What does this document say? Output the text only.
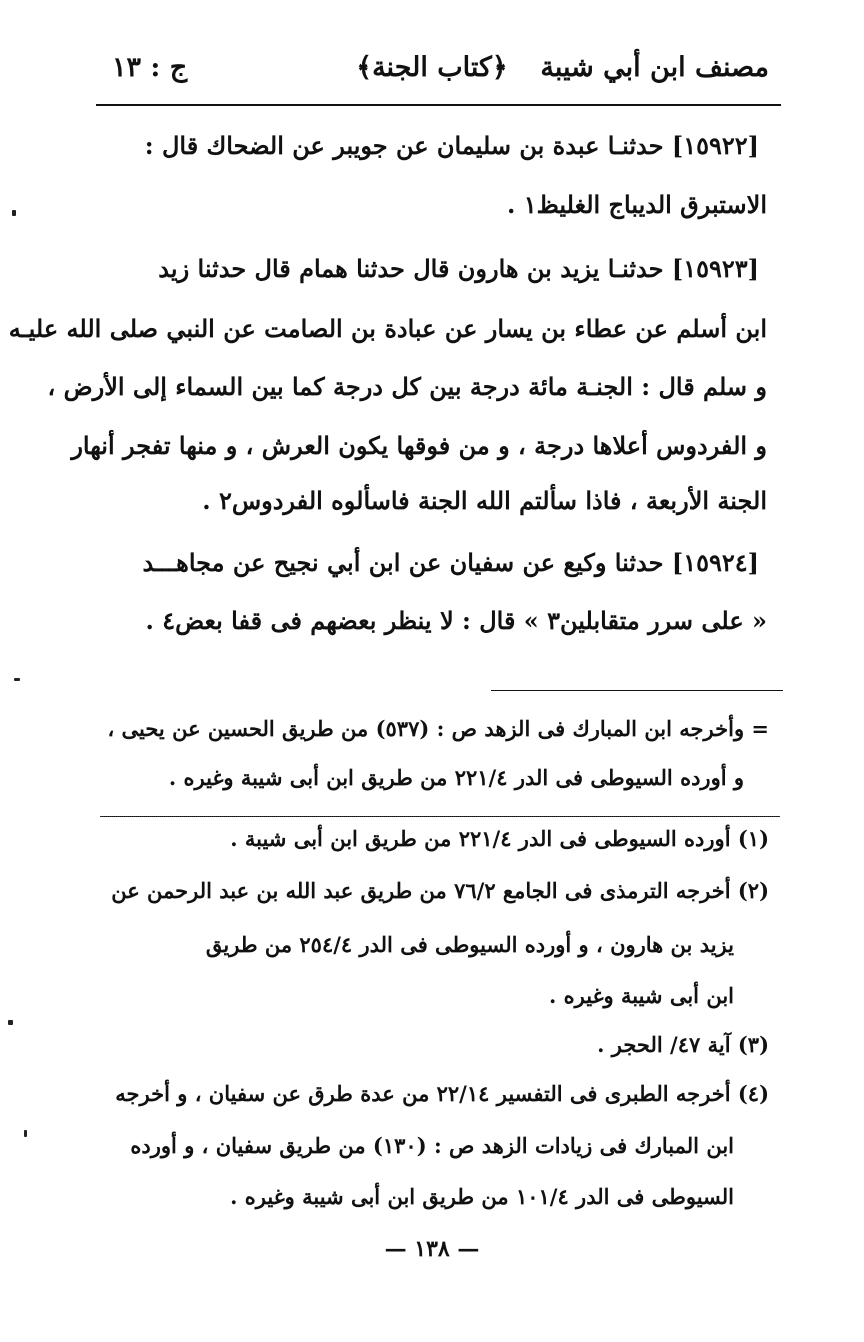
مصنف ابن أبي شيبة
﴿كتاب الجنة﴾
ج : ١٣
[١٥٩٢٢] حدثنـا عبدة بن سليمان عن جويبر عن الضحاك قال :
الاستبرق الديباج الغليظ١ .
[١٥٩٢٣] حدثنـا يزيد بن هارون قال حدثنا همام قال حدثنا زيد
ابن أسلم عن عطاء بن يسار عن عبادة بن الصامت عن النبي صلى الله عليـه
و سلم قال : الجنـة مائة درجة بين كل درجة كما بين السماء إلى الأرض ،
و الفردوس أعلاها درجة ، و من فوقها يكون العرش ، و منها تفجر أنهار
الجنة الأربعة ، فاذا سألتم الله الجنة فاسألوه الفردوس٢ .
[١٥٩٢٤] حدثنا وكيع عن سفيان عن ابن أبي نجيح عن مجاهـــد
« على سرر متقابلين٣ » قال : لا ينظر بعضهم فى قفا بعض٤ .
= وأخرجه ابن المبارك فى الزهد ص : (٥٣٧) من طريق الحسين عن يحيى ،
و أورده السيوطى فى الدر ٢٢١/٤ من طريق ابن أبى شيبة وغيره .
(١) أورده السيوطى فى الدر ٢٢١/٤ من طريق ابن أبى شيبة .
(٢) أخرجه الترمذى فى الجامع ٧٦/٢ من طريق عبد الله بن عبد الرحمن عن
يزيد بن هارون ، و أورده السيوطى فى الدر ٢٥٤/٤ من طريق
ابن أبى شيبة وغيره .
(٣) آية ٤٧/ الحجر .
(٤) أخرجه الطبرى فى التفسير ٢٢/١٤ من عدة طرق عن سفيان ، و أخرجه
ابن المبارك فى زيادات الزهد ص : (١٣٠) من طريق سفيان ، و أورده
السيوطى فى الدر ١٠١/٤ من طريق ابن أبى شيبة وغيره .
— ١٣٨ —
